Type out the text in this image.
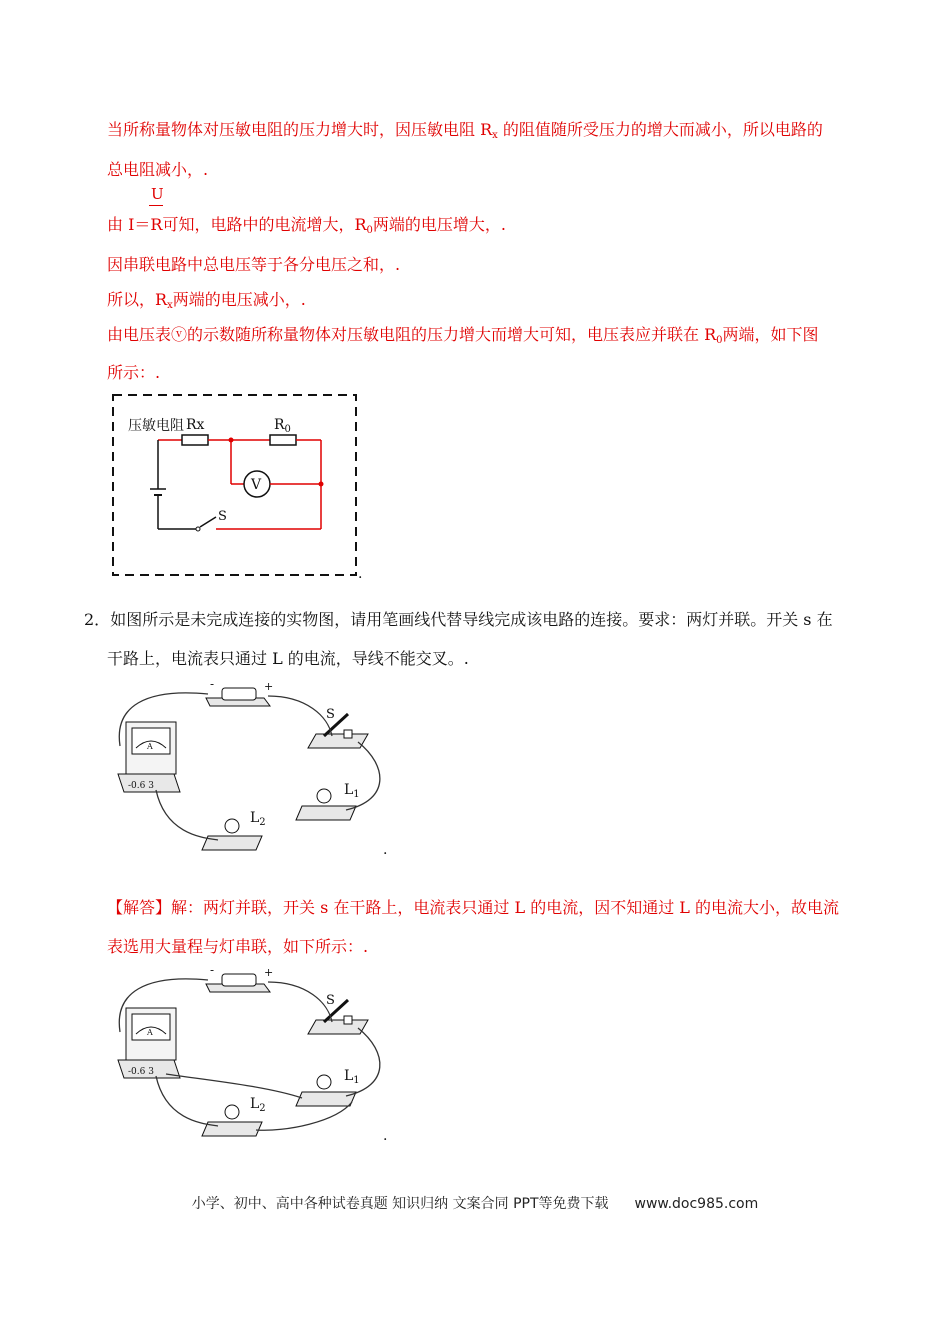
当所称量物体对压敏电阻的压力增大时，因压敏电阻 $R_x$ 的阻值随所受压力的增大而减小，所以电路的
总电阻减小，.
U
由 I＝R可知，电路中的电流增大，$R_0$两端的电压增大，.
因串联电路中总电压等于各分电压之和，.
所以，$R_x$两端的电压减小，.
由电压表ⓥ的示数随所称量物体对压敏电阻的压力增大而增大可知，电压表应并联在 $R_0$两端，如下图
所示：.
压敏电阻 Rx	$R_0$
S
V
.
2．如图所示是未完成连接的实物图，请用笔画线代替导线完成该电路的连接。要求：两灯并联。开关 s 在
干路上，电流表只通过 L 的电流，导线不能交叉。.
-	+
A
-0.6 3
S
$L_1$
$L_2$
.
【解答】解：两灯并联，开关 s 在干路上，电流表只通过 L 的电流，因不知通过 L 的电流大小，故电流
表选用大量程与灯串联，如下所示：.
-	+
A
-0.6 3
S
$L_1$
$L_2$
.
小学、初中、高中各种试卷真题 知识归纳 文案合同 PPT等免费下载 www.doc985.com
